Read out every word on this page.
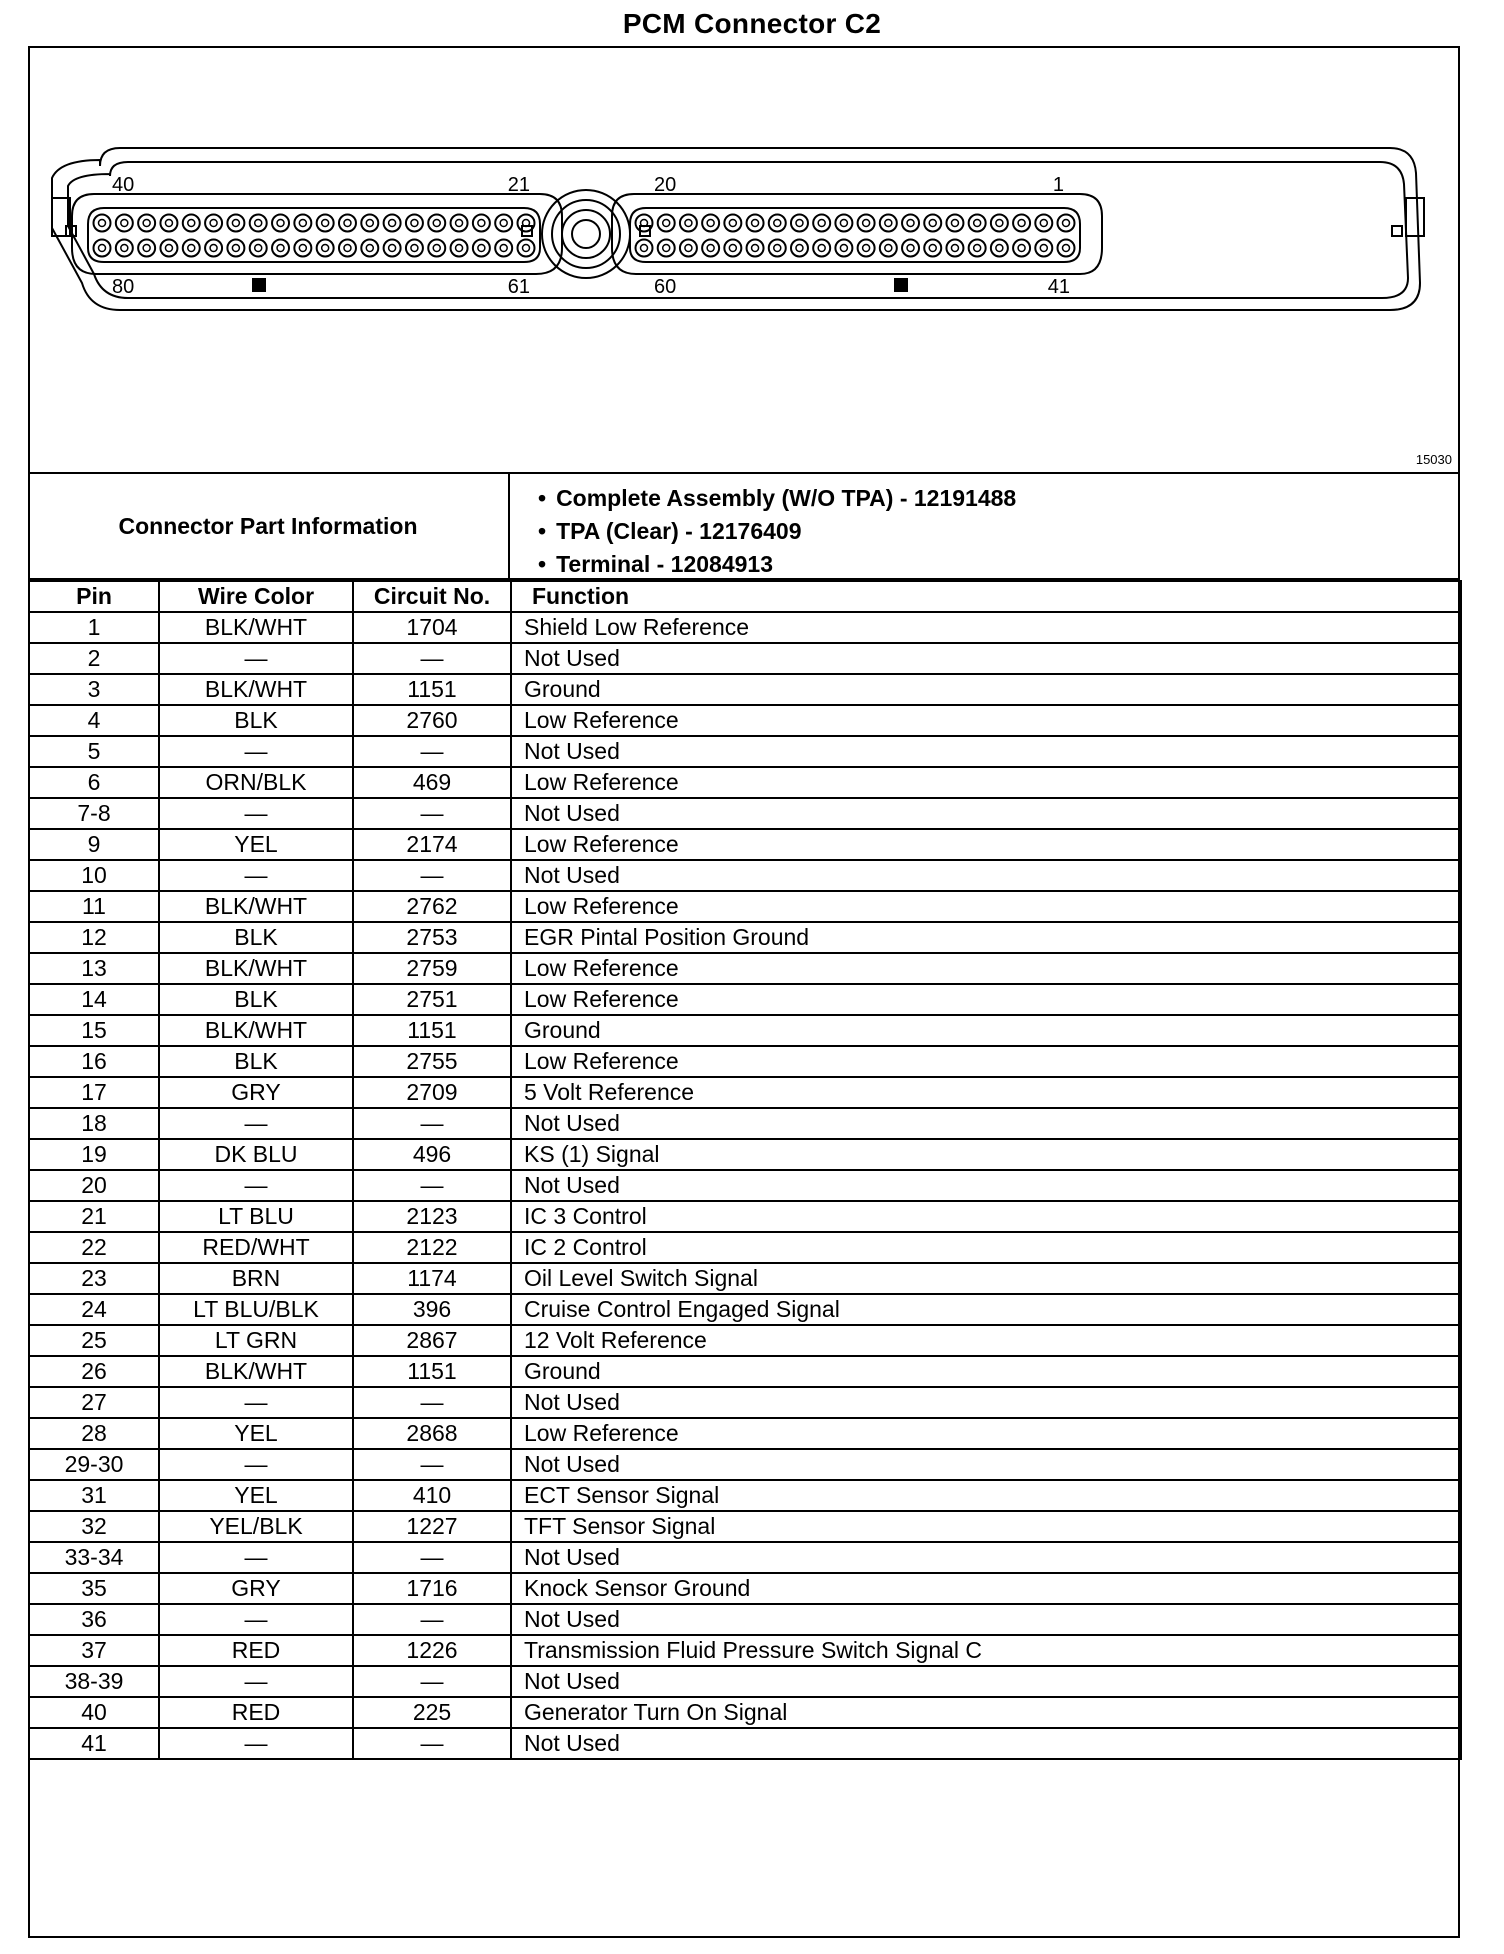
PCM Connector C2
40	21	20	1
80	61	60	41
15030
Connector Part Information
• Complete Assembly (W/O TPA) - 12191488
• TPA (Clear) - 12176409
• Terminal - 12084913
Pin	Wire Color	Circuit No.	Function
1	BLK/WHT	1704	Shield Low Reference
2	—	—	Not Used
3	BLK/WHT	1151	Ground
4	BLK	2760	Low Reference
5	—	—	Not Used
6	ORN/BLK	469	Low Reference
7-8	—	—	Not Used
9	YEL	2174	Low Reference
10	—	—	Not Used
11	BLK/WHT	2762	Low Reference
12	BLK	2753	EGR Pintal Position Ground
13	BLK/WHT	2759	Low Reference
14	BLK	2751	Low Reference
15	BLK/WHT	1151	Ground
16	BLK	2755	Low Reference
17	GRY	2709	5 Volt Reference
18	—	—	Not Used
19	DK BLU	496	KS (1) Signal
20	—	—	Not Used
21	LT BLU	2123	IC 3 Control
22	RED/WHT	2122	IC 2 Control
23	BRN	1174	Oil Level Switch Signal
24	LT BLU/BLK	396	Cruise Control Engaged Signal
25	LT GRN	2867	12 Volt Reference
26	BLK/WHT	1151	Ground
27	—	—	Not Used
28	YEL	2868	Low Reference
29-30	—	—	Not Used
31	YEL	410	ECT Sensor Signal
32	YEL/BLK	1227	TFT Sensor Signal
33-34	—	—	Not Used
35	GRY	1716	Knock Sensor Ground
36	—	—	Not Used
37	RED	1226	Transmission Fluid Pressure Switch Signal C
38-39	—	—	Not Used
40	RED	225	Generator Turn On Signal
41	—	—	Not Used
